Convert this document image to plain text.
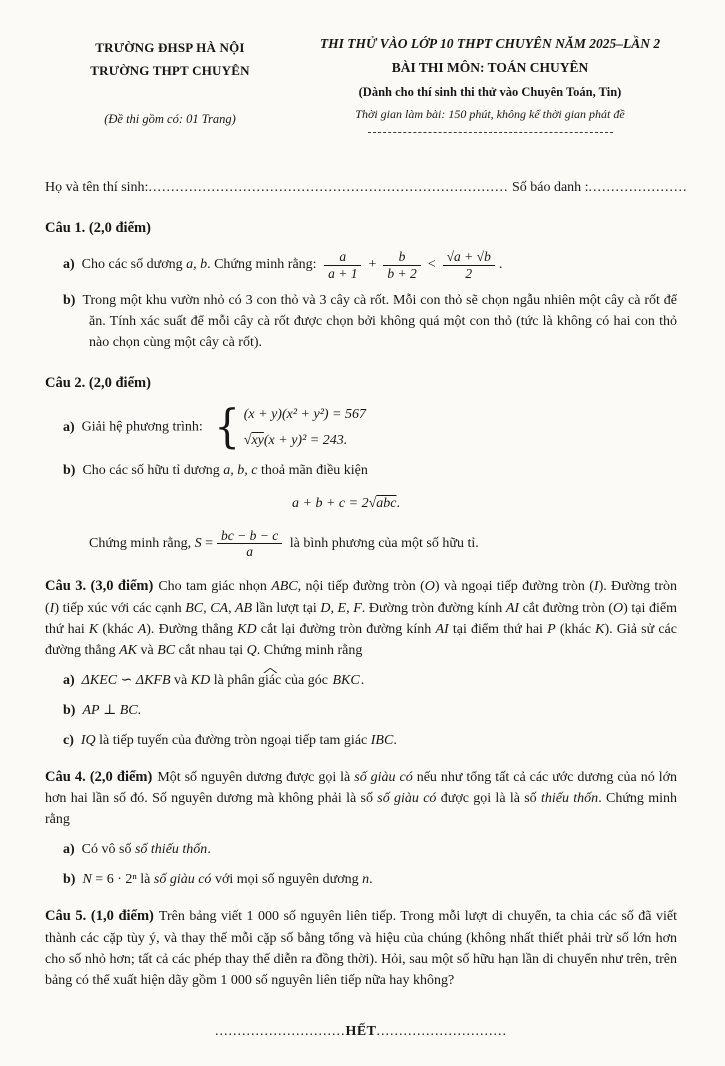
TRƯỜNG ĐHSP HÀ NỘI
TRƯỜNG THPT CHUYÊN
(Đề thi gồm có: 01 Trang)
THI THỬ VÀO LỚP 10 THPT CHUYÊN NĂM 2025–LẦN 2
BÀI THI MÔN: TOÁN CHUYÊN
(Dành cho thí sinh thi thử vào Chuyên Toán, Tin)
Thời gian làm bài: 150 phút, không kể thời gian phát đề
Họ và tên thí sinh:................................................................................ Số báo danh :......................
Câu 1. (2,0 điểm)
a) Cho các số dương a, b. Chứng minh rằng: $\frac{a}{a + 1} + \frac{b}{b + 2} < \frac{√a + √b}{2}$ .
b) Trong một khu vườn nhỏ có 3 con thỏ và 3 cây cà rốt. Mỗi con thỏ sẽ chọn ngẫu nhiên một cây cà rốt để ăn. Tính xác suất để mỗi cây cà rốt được chọn bởi không quá một con thỏ (tức là không có hai con thỏ nào chọn cùng một cây cà rốt).
Câu 2. (2,0 điểm)
a) Giải hệ phương trình: { (x + y)(x² + y²) = 567
√xy(x + y)² = 243.
b) Cho các số hữu tỉ dương a, b, c thoả mãn điều kiện
a + b + c = 2√abc.
Chứng minh rằng, $S = \frac{bc - b - c}{a}$ là bình phương của một số hữu tỉ.

Câu 3. (3,0 điểm) Cho tam giác nhọn ABC, nội tiếp đường tròn (O) và ngoại tiếp đường tròn (I). Đường tròn (I) tiếp xúc với các cạnh BC, CA, AB lần lượt tại D, E, F. Đường tròn đường kính AI cắt đường tròn (O) tại điểm thứ hai K (khác A). Đường thẳng KD cắt lại đường tròn đường kính AI tại điểm thứ hai P (khác K). Giả sử các đường thẳng AK và BC cắt nhau tại Q. Chứng minh rằng

a) ΔKEC ∽ ΔKFB và KD là phân giác của góc BKC ^.
b) AP ⊥ BC.
c) IQ là tiếp tuyến của đường tròn ngoại tiếp tam giác IBC.

Câu 4. (2,0 điểm) Một số nguyên dương được gọi là số giàu có nếu như tổng tất cả các ước dương của nó lớn hơn hai lần số đó. Số nguyên dương mà không phải là số số giàu có được gọi là là số thiếu thốn. Chứng minh rằng

a) Có vô số số thiếu thốn.
b) N = 6 · 2ⁿ là số giàu có với mọi số nguyên dương n.

Câu 5. (1,0 điểm) Trên bảng viết 1 000 số nguyên liên tiếp. Trong mỗi lượt di chuyển, ta chia các số đã viết thành các cặp tùy ý, và thay thế mỗi cặp số bằng tổng và hiệu của chúng (không nhất thiết phải trừ số lớn hơn cho số nhỏ hơn; tất cả các phép thay thế diễn ra đồng thời). Hỏi, sau một số hữu hạn lần di chuyển như trên, trên bảng có thể xuất hiện dãy gồm 1 000 số nguyên liên tiếp nữa hay không?

.............................HẾT.............................
